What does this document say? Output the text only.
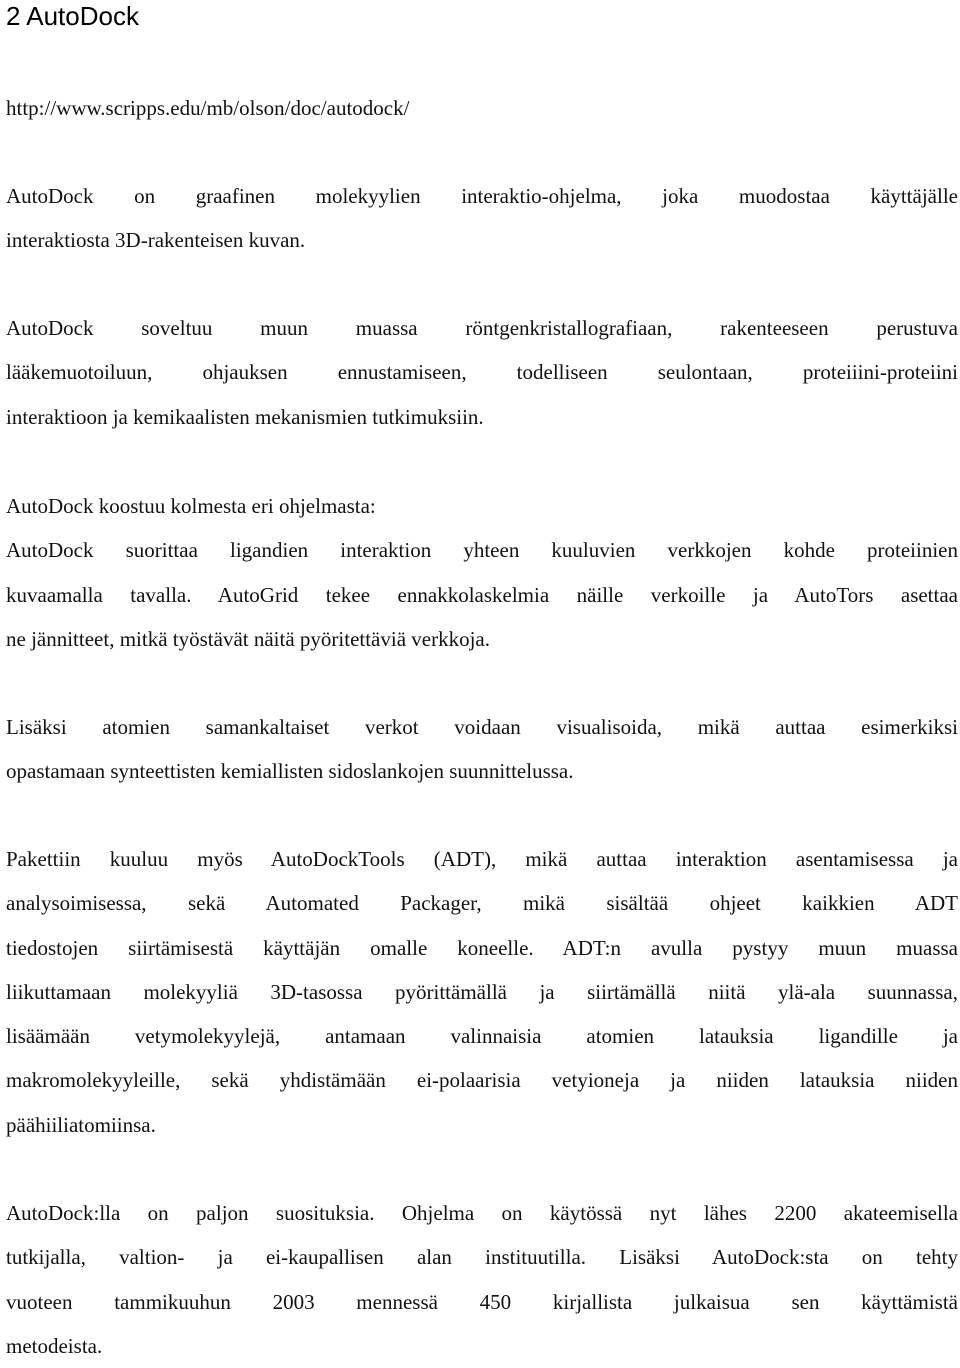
2 AutoDock

http://www.scripps.edu/mb/olson/doc/autodock/

AutoDock on graafinen molekyylien interaktio-ohjelma, joka muodostaa käyttäjälle
interaktiosta 3D-rakenteisen kuvan.

AutoDock soveltuu muun muassa röntgenkristallografiaan, rakenteeseen perustuva
lääkemuotoiluun, ohjauksen ennustamiseen, todelliseen seulontaan, proteiiini-proteiini
interaktioon ja kemikaalisten mekanismien tutkimuksiin.

AutoDock koostuu kolmesta eri ohjelmasta:
AutoDock suorittaa ligandien interaktion yhteen kuuluvien verkkojen kohde proteiinien
kuvaamalla tavalla. AutoGrid tekee ennakkolaskelmia näille verkoille ja AutoTors asettaa
ne jännitteet, mitkä työstävät näitä pyöritettäviä verkkoja.

Lisäksi atomien samankaltaiset verkot voidaan visualisoida, mikä auttaa esimerkiksi
opastamaan synteettisten kemiallisten sidoslankojen suunnittelussa.

Pakettiin kuuluu myös AutoDockTools (ADT), mikä auttaa interaktion asentamisessa ja
analysoimisessa, sekä Automated Packager, mikä sisältää ohjeet kaikkien ADT
tiedostojen siirtämisestä käyttäjän omalle koneelle. ADT:n avulla pystyy muun muassa
liikuttamaan molekyyliä 3D-tasossa pyörittämällä ja siirtämällä niitä ylä-ala suunnassa,
lisäämään vetymolekyylejä, antamaan valinnaisia atomien latauksia ligandille ja
makromolekyyleille, sekä yhdistämään ei-polaarisia vetyioneja ja niiden latauksia niiden
päähiiliatomiinsa.

AutoDock:lla on paljon suosituksia. Ohjelma on käytössä nyt lähes 2200 akateemisella
tutkijalla, valtion- ja ei-kaupallisen alan instituutilla. Lisäksi AutoDock:sta on tehty
vuoteen tammikuuhun 2003 mennessä 450 kirjallista julkaisua sen käyttämistä
metodeista.
